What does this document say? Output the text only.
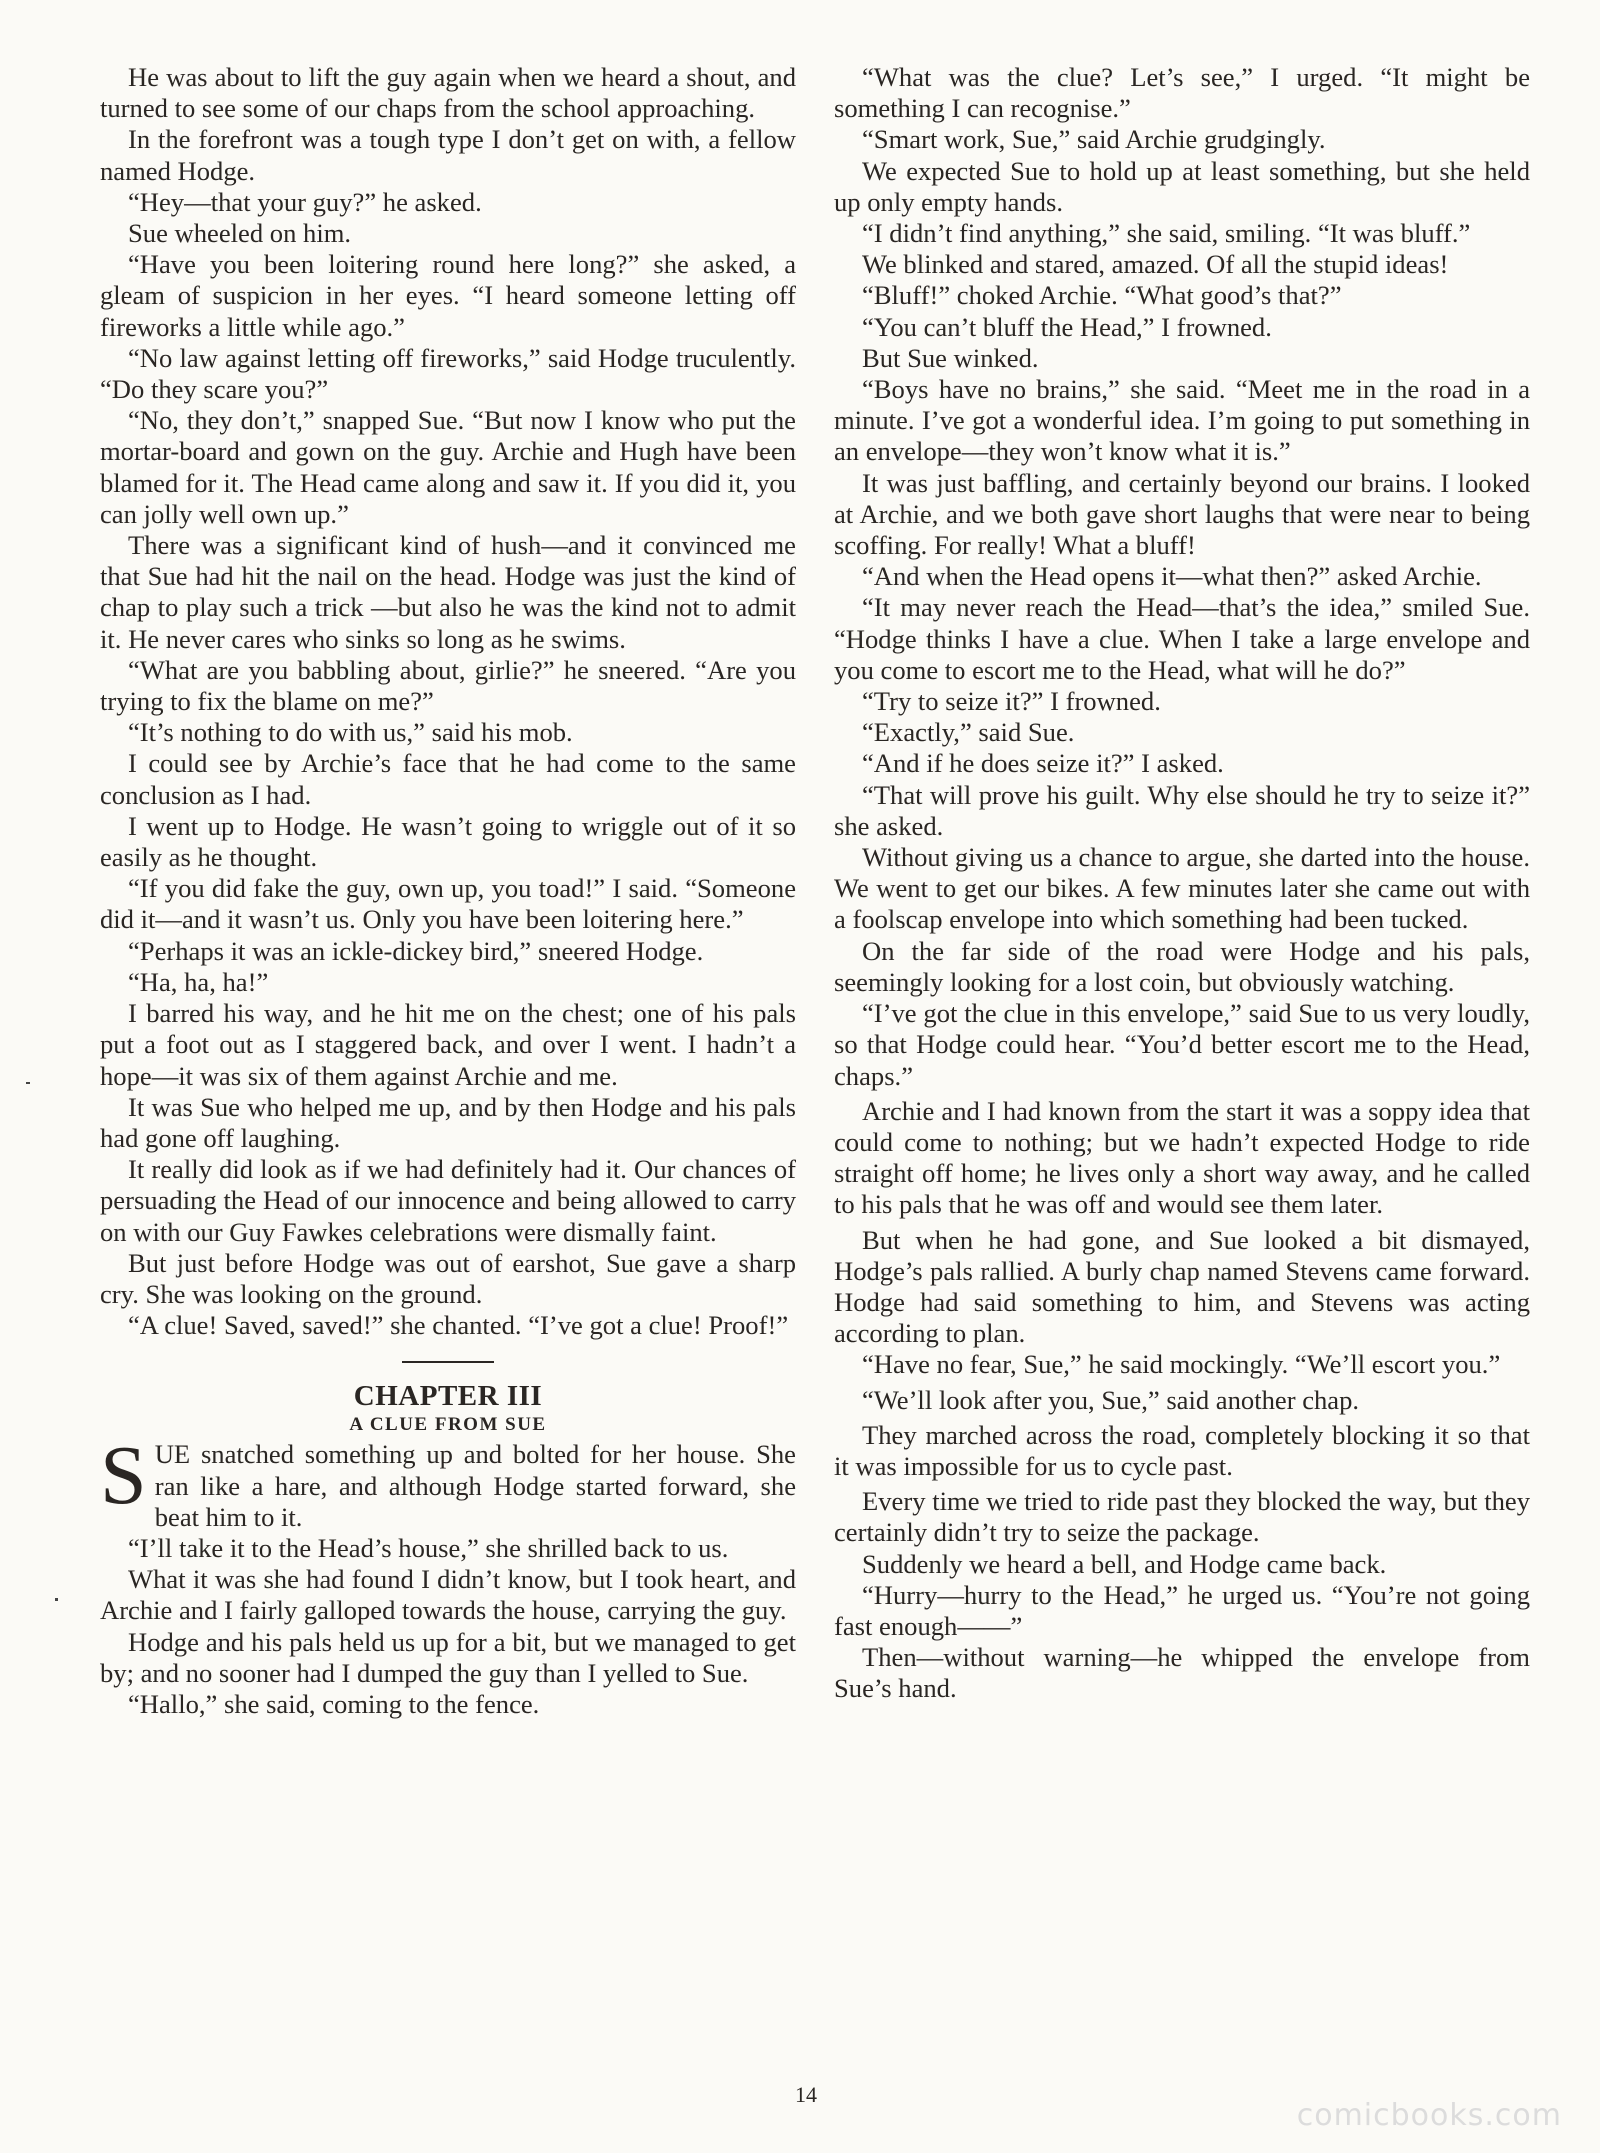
He was about to lift the guy again when we heard a shout, and turned to see some of our chaps from the school approaching.

In the forefront was a tough type I don’t get on with, a fellow named Hodge.

“Hey—that your guy?” he asked.

Sue wheeled on him.

“Have you been loitering round here long?” she asked, a gleam of suspicion in her eyes. “I heard someone letting off fireworks a little while ago.”

“No law against letting off fireworks,” said Hodge truculently. “Do they scare you?”

“No, they don’t,” snapped Sue. “But now I know who put the mortar-board and gown on the guy. Archie and Hugh have been blamed for it. The Head came along and saw it. If you did it, you can jolly well own up.”

There was a significant kind of hush—and it convinced me that Sue had hit the nail on the head. Hodge was just the kind of chap to play such a trick —but also he was the kind not to admit it. He never cares who sinks so long as he swims.

“What are you babbling about, girlie?” he sneered. “Are you trying to fix the blame on me?”

“It’s nothing to do with us,” said his mob.

I could see by Archie’s face that he had come to the same conclusion as I had.

I went up to Hodge. He wasn’t going to wriggle out of it so easily as he thought.

“If you did fake the guy, own up, you toad!” I said. “Someone did it—and it wasn’t us. Only you have been loitering here.”

“Perhaps it was an ickle-dickey bird,” sneered Hodge.

“Ha, ha, ha!”

I barred his way, and he hit me on the chest; one of his pals put a foot out as I staggered back, and over I went. I hadn’t a hope—it was six of them against Archie and me.

It was Sue who helped me up, and by then Hodge and his pals had gone off laughing.

It really did look as if we had definitely had it. Our chances of persuading the Head of our innocence and being allowed to carry on with our Guy Fawkes celebrations were dismally faint.

But just before Hodge was out of earshot, Sue gave a sharp cry. She was looking on the ground.

“A clue! Saved, saved!” she chanted. “I’ve got a clue! Proof!”

CHAPTER III
A CLUE FROM SUE

SUE snatched something up and bolted for her house. She ran like a hare, and although Hodge started forward, she beat him to it.

“I’ll take it to the Head’s house,” she shrilled back to us.

What it was she had found I didn’t know, but I took heart, and Archie and I fairly galloped towards the house, carrying the guy.

Hodge and his pals held us up for a bit, but we managed to get by; and no sooner had I dumped the guy than I yelled to Sue.

“Hallo,” she said, coming to the fence.

“What was the clue? Let’s see,” I urged. “It might be something I can recognise.”

“Smart work, Sue,” said Archie grudgingly.

We expected Sue to hold up at least something, but she held up only empty hands.

“I didn’t find anything,” she said, smiling. “It was bluff.”

We blinked and stared, amazed. Of all the stupid ideas!

“Bluff!” choked Archie. “What good’s that?”

“You can’t bluff the Head,” I frowned.

But Sue winked.

“Boys have no brains,” she said. “Meet me in the road in a minute. I’ve got a wonderful idea. I’m going to put something in an envelope—they won’t know what it is.”

It was just baffling, and certainly beyond our brains. I looked at Archie, and we both gave short laughs that were near to being scoffing. For really! What a bluff!

“And when the Head opens it—what then?” asked Archie.

“It may never reach the Head—that’s the idea,” smiled Sue. “Hodge thinks I have a clue. When I take a large envelope and you come to escort me to the Head, what will he do?”

“Try to seize it?” I frowned.

“Exactly,” said Sue.

“And if he does seize it?” I asked.

“That will prove his guilt. Why else should he try to seize it?” she asked.

Without giving us a chance to argue, she darted into the house. We went to get our bikes. A few minutes later she came out with a foolscap envelope into which something had been tucked.

On the far side of the road were Hodge and his pals, seemingly looking for a lost coin, but obviously watching.

“I’ve got the clue in this envelope,” said Sue to us very loudly, so that Hodge could hear. “You’d better escort me to the Head, chaps.”

Archie and I had known from the start it was a soppy idea that could come to nothing; but we hadn’t expected Hodge to ride straight off home; he lives only a short way away, and he called to his pals that he was off and would see them later.

But when he had gone, and Sue looked a bit dismayed, Hodge’s pals rallied. A burly chap named Stevens came forward. Hodge had said something to him, and Stevens was acting according to plan.

“Have no fear, Sue,” he said mockingly. “We’ll escort you.”

“We’ll look after you, Sue,” said another chap.

They marched across the road, completely blocking it so that it was impossible for us to cycle past.

Every time we tried to ride past they blocked the way, but they certainly didn’t try to seize the package.

Suddenly we heard a bell, and Hodge came back.

“Hurry—hurry to the Head,” he urged us. “You’re not going fast enough——”

Then—without warning—he whipped the envelope from Sue’s hand.

14
comicbooks.com
